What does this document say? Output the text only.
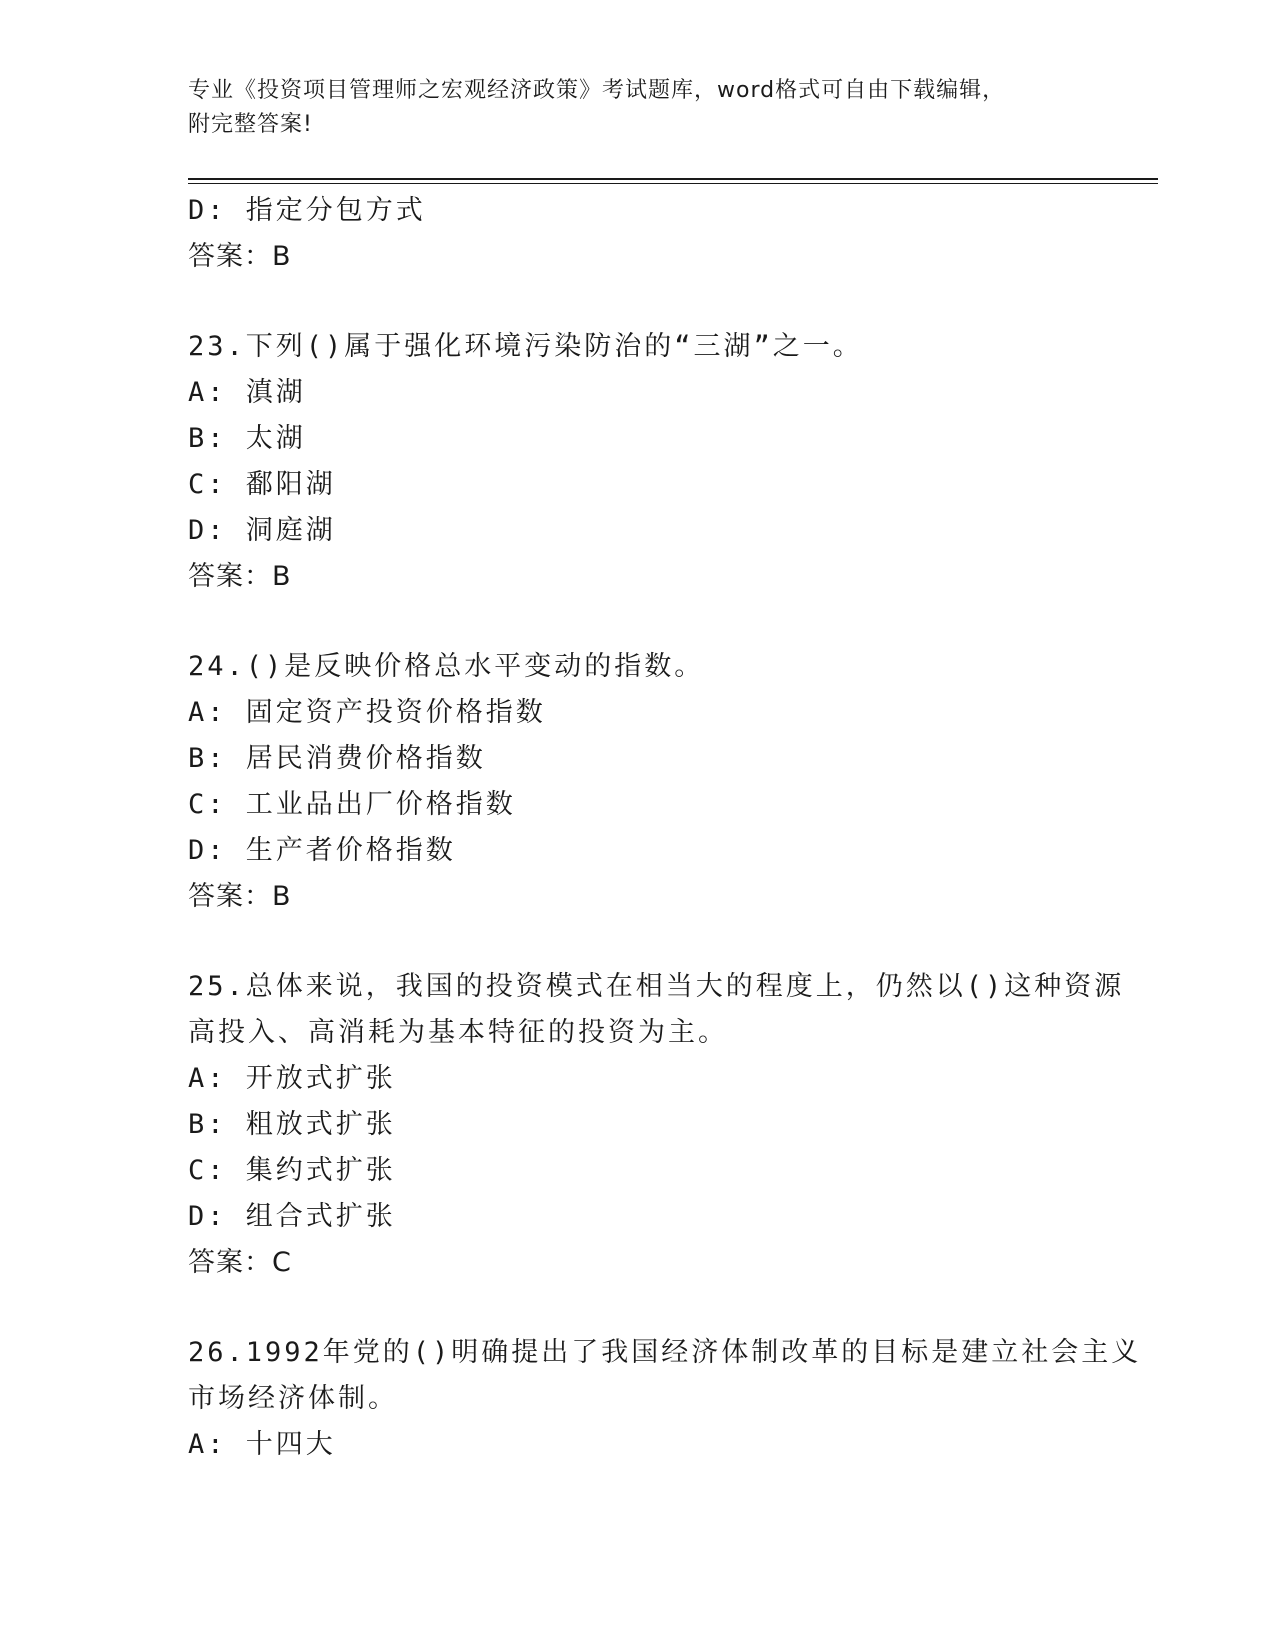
专业《投资项目管理师之宏观经济政策》考试题库，word格式可自由下载编辑，
附完整答案!
D: 指定分包方式
答案：B
23.下列()属于强化环境污染防治的“三湖”之一。
A: 滇湖
B: 太湖
C: 鄱阳湖
D: 洞庭湖
答案：B
24.()是反映价格总水平变动的指数。
A: 固定资产投资价格指数
B: 居民消费价格指数
C: 工业品出厂价格指数
D: 生产者价格指数
答案：B
25.总体来说，我国的投资模式在相当大的程度上，仍然以()这种资源
高投入、高消耗为基本特征的投资为主。
A: 开放式扩张
B: 粗放式扩张
C: 集约式扩张
D: 组合式扩张
答案：C
26.1992年党的()明确提出了我国经济体制改革的目标是建立社会主义
市场经济体制。
A: 十四大
